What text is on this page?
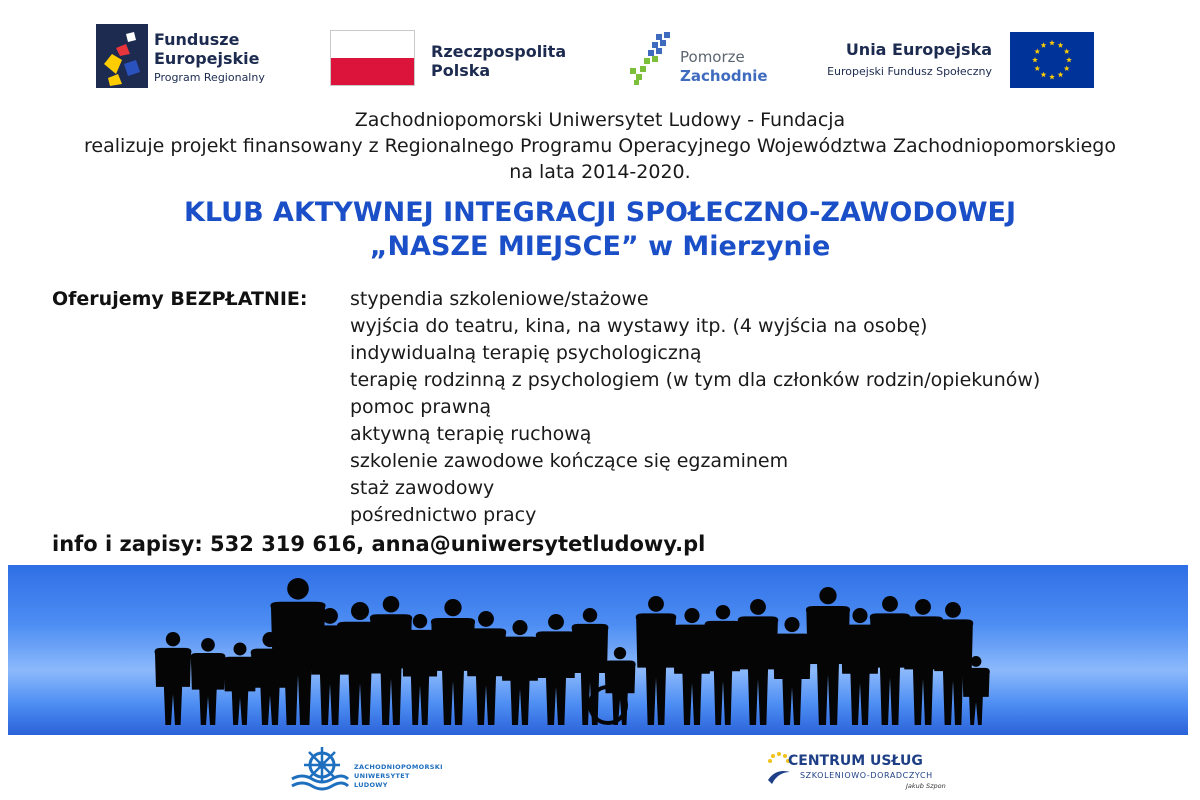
Fundusze
Europejskie
Program Regionalny
Rzeczpospolita
Polska
Pomorze
Zachodnie
Unia Europejska
Europejski Fundusz Społeczny
Zachodniopomorski Uniwersytet Ludowy - Fundacja
realizuje projekt finansowany z Regionalnego Programu Operacyjnego Województwa Zachodniopomorskiego
na lata 2014-2020.
KLUB AKTYWNEJ INTEGRACJI SPOŁECZNO-ZAWODOWEJ
„NASZE MIEJSCE” w Mierzynie
Oferujemy BEZPŁATNIE: stypendia szkoleniowe/stażowe
wyjścia do teatru, kina, na wystawy itp. (4 wyjścia na osobę)
indywidualną terapię psychologiczną
terapię rodzinną z psychologiem (w tym dla członków rodzin/opiekunów)
pomoc prawną
aktywną terapię ruchową
szkolenie zawodowe kończące się egzaminem
staż zawodowy
pośrednictwo pracy
info i zapisy: 532 319 616, anna@uniwersytetludowy.pl
ZACHODNIOPOMORSKI
UNIWERSYTET
LUDOWY
CENTRUM USŁUG
SZKOLENIOWO-DORADCZYCH
Jakub Szpon
